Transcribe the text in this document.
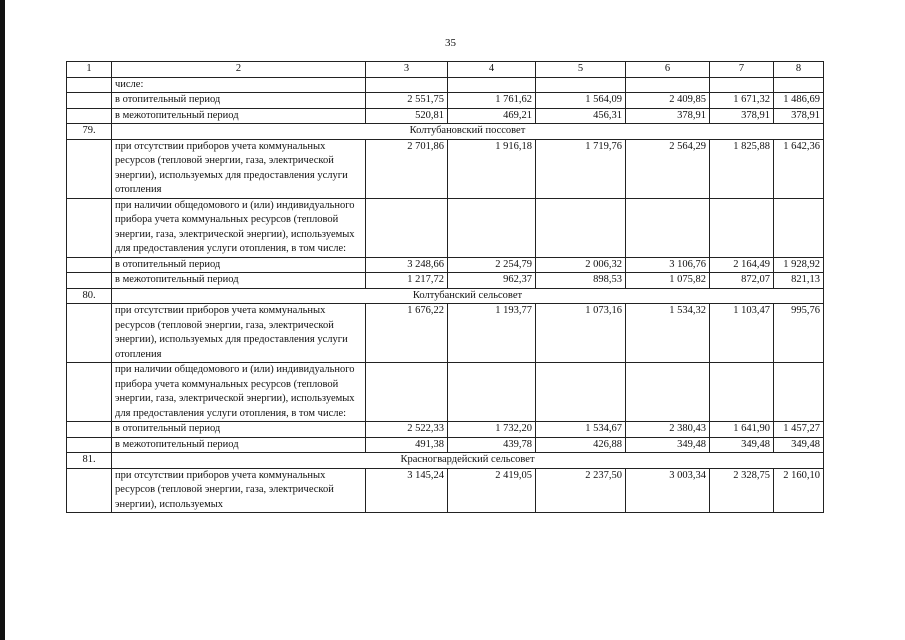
35
1	2	3	4	5	6	7	8
	числе:						
	в отопительный период	2 551,75	1 761,62	1 564,09	2 409,85	1 671,32	1 486,69
	в межотопительный период	520,81	469,21	456,31	378,91	378,91	378,91
79.	Колтубановский поссовет						
	при отсутствии приборов учета коммунальных ресурсов (тепловой энергии, газа, электрической энергии), используемых для предоставления услуги отопления	2 701,86	1 916,18	1 719,76	2 564,29	1 825,88	1 642,36
	при наличии общедомового и (или) индивидуального прибора учета коммунальных ресурсов (тепловой энергии, газа, электрической энергии), используемых для предоставления услуги отопления, в том числе:						
	в отопительный период	3 248,66	2 254,79	2 006,32	3 106,76	2 164,49	1 928,92
	в межотопительный период	1 217,72	962,37	898,53	1 075,82	872,07	821,13
80.	Колтубанский сельсовет						
	при отсутствии приборов учета коммунальных ресурсов (тепловой энергии, газа, электрической энергии), используемых для предоставления услуги отопления	1 676,22	1 193,77	1 073,16	1 534,32	1 103,47	995,76
	при наличии общедомового и (или) индивидуального прибора учета коммунальных ресурсов (тепловой энергии, газа, электрической энергии), используемых для предоставления услуги отопления, в том числе:						
	в отопительный период	2 522,33	1 732,20	1 534,67	2 380,43	1 641,90	1 457,27
	в межотопительный период	491,38	439,78	426,88	349,48	349,48	349,48
81.	Красногвардейский сельсовет						
	при отсутствии приборов учета коммунальных ресурсов (тепловой энергии, газа, электрической энергии), используемых	3 145,24	2 419,05	2 237,50	3 003,34	2 328,75	2 160,10
